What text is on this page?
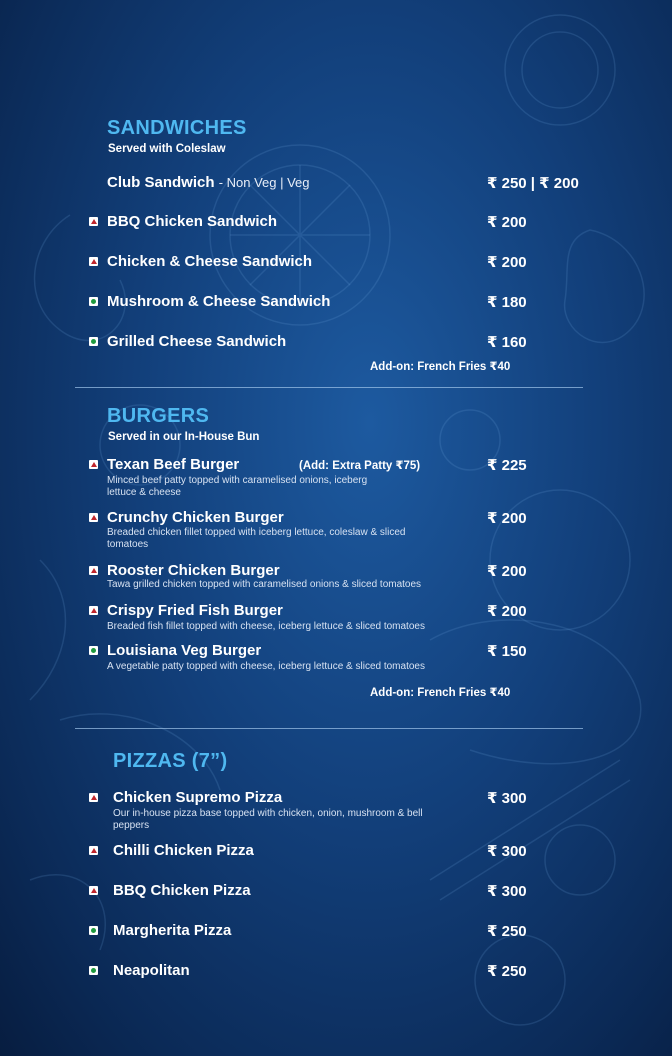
SANDWICHES
Served with Coleslaw
Club Sandwich - Non Veg | Veg	₹ 250 | ₹ 200
BBQ Chicken Sandwich	₹ 200
Chicken & Cheese Sandwich	₹ 200
Mushroom & Cheese Sandwich	₹ 180
Grilled Cheese Sandwich	₹ 160
Add-on: French Fries ₹40
BURGERS
Served in our In-House Bun
Texan Beef Burger	(Add: Extra Patty ₹75)	₹ 225
Minced beef patty topped with caramelised onions, iceberg lettuce & cheese
Crunchy Chicken Burger	₹ 200
Breaded chicken fillet topped with iceberg lettuce, coleslaw & sliced tomatoes
Rooster Chicken Burger	₹ 200
Tawa grilled chicken topped with caramelised onions & sliced tomatoes
Crispy Fried Fish Burger	₹ 200
Breaded fish fillet topped with cheese, iceberg lettuce & sliced tomatoes
Louisiana Veg Burger	₹ 150
A vegetable patty topped with cheese, iceberg lettuce & sliced tomatoes
Add-on: French Fries ₹40
PIZZAS (7”)
Chicken Supremo Pizza	₹ 300
Our in-house pizza base topped with chicken, onion, mushroom & bell peppers
Chilli Chicken Pizza	₹ 300
BBQ Chicken Pizza	₹ 300
Margherita Pizza	₹ 250
Neapolitan	₹ 250
